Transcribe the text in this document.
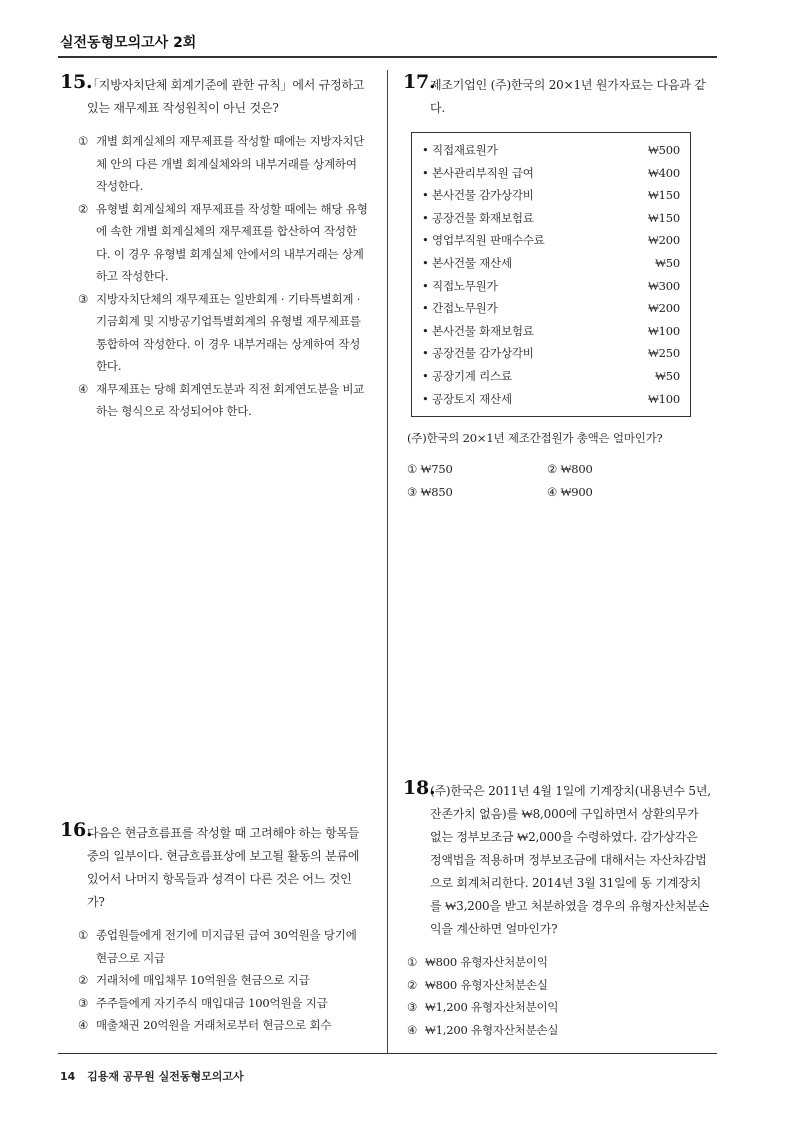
실전동형모의고사 2회
15.
「지방자치단체 회계기준에 관한 규칙」에서 규정하고 있는 재무제표 작성원칙이 아닌 것은?
① 개별 회계실체의 재무제표를 작성할 때에는 지방자치단체 안의 다른 개별 회계실체와의 내부거래를 상계하여 작성한다.
② 유형별 회계실체의 재무제표를 작성할 때에는 해당 유형에 속한 개별 회계실체의 재무제표를 합산하여 작성한다. 이 경우 유형별 회계실체 안에서의 내부거래는 상계하고 작성한다.
③ 지방자치단체의 재무제표는 일반회계 · 기타특별회계 · 기금회계 및 지방공기업특별회계의 유형별 재무제표를 통합하여 작성한다. 이 경우 내부거래는 상계하여 작성한다.
④ 재무제표는 당해 회계연도분과 직전 회계연도분을 비교하는 형식으로 작성되어야 한다.
16.
다음은 현금흐름표를 작성할 때 고려해야 하는 항목들 중의 일부이다. 현금흐름표상에 보고될 활동의 분류에 있어서 나머지 항목들과 성격이 다른 것은 어느 것인가?
① 종업원들에게 전기에 미지급된 급여 30억원을 당기에 현금으로 지급
② 거래처에 매입채무 10억원을 현금으로 지급
③ 주주들에게 자기주식 매입대금 100억원을 지급
④ 매출채권 20억원을 거래처로부터 현금으로 회수
17.
제조기업인 (주)한국의 20×1년 원가자료는 다음과 같다.
• 직접재료원가	₩500
• 본사관리부직원 급여	₩400
• 본사건물 감가상각비	₩150
• 공장건물 화재보험료	₩150
• 영업부직원 판매수수료	₩200
• 본사건물 재산세	₩50
• 직접노무원가	₩300
• 간접노무원가	₩200
• 본사건물 화재보험료	₩100
• 공장건물 감가상각비	₩250
• 공장기계 리스료	₩50
• 공장토지 재산세	₩100
(주)한국의 20×1년 제조간접원가 총액은 얼마인가?
① ₩750	② ₩800
③ ₩850	④ ₩900
18.
(주)한국은 2011년 4월 1일에 기계장치(내용년수 5년, 잔존가치 없음)를 ₩8,000에 구입하면서 상환의무가 없는 정부보조금 ₩2,000을 수령하였다. 감가상각은 정액법을 적용하며 정부보조금에 대해서는 자산차감법으로 회계처리한다. 2014년 3월 31일에 동 기계장치를 ₩3,200을 받고 처분하였을 경우의 유형자산처분손익을 계산하면 얼마인가?
① ₩800 유형자산처분이익
② ₩800 유형자산처분손실
③ ₩1,200 유형자산처분이익
④ ₩1,200 유형자산처분손실
14 김용재 공무원 실전동형모의고사
